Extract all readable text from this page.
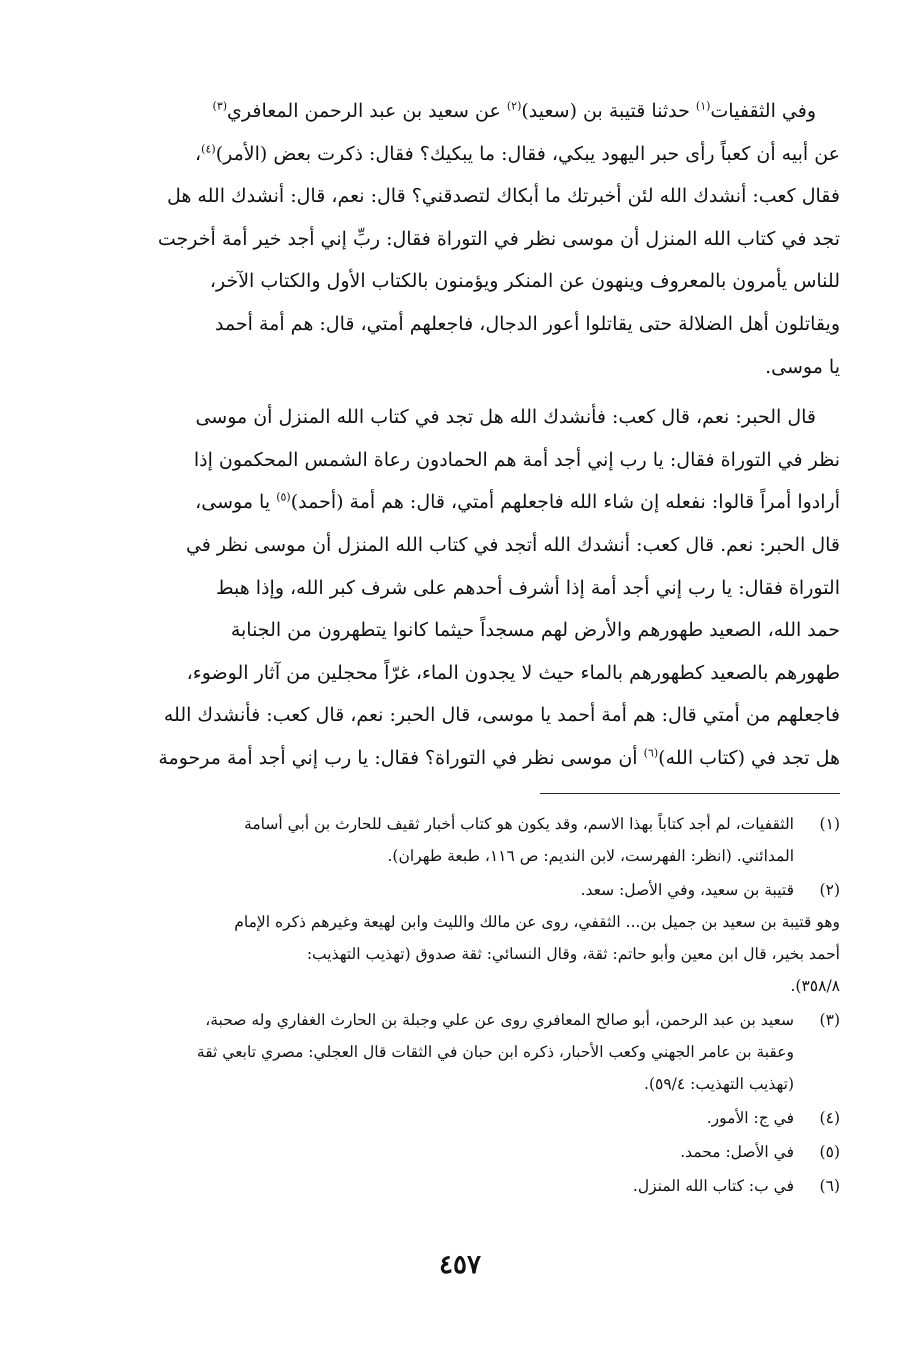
وفي الثقفيات$^{(١)}$ حدثنا قتيبة بن (سعيد)$^{(٢)}$ عن سعيد بن عبد الرحمن المعافري$^{(٣)}$
عن أبيه أن كعباً رأى حبر اليهود يبكي، فقال: ما يبكيك؟ فقال: ذكرت بعض (الأمر)$^{(٤)}$،
فقال كعب: أنشدك الله لئن أخبرتك ما أبكاك لتصدقني؟ قال: نعم، قال: أنشدك الله هل
تجد في كتاب الله المنزل أن موسى نظر في التوراة فقال: ربِّ إني أجد خير أمة أخرجت
للناس يأمرون بالمعروف وينهون عن المنكر ويؤمنون بالكتاب الأول والكتاب الآخر،
ويقاتلون أهل الضلالة حتى يقاتلوا أعور الدجال، فاجعلهم أمتي، قال: هم أمة أحمد
يا موسى.

قال الحبر: نعم، قال كعب: فأنشدك الله هل تجد في كتاب الله المنزل أن موسى
نظر في التوراة فقال: يا رب إني أجد أمة هم الحمادون رعاة الشمس المحكمون إذا
أرادوا أمراً قالوا: نفعله إن شاء الله فاجعلهم أمتي، قال: هم أمة (أحمد)$^{(٥)}$ يا موسى،
قال الحبر: نعم. قال كعب: أنشدك الله أتجد في كتاب الله المنزل أن موسى نظر في
التوراة فقال: يا رب إني أجد أمة إذا أشرف أحدهم على شرف كبر الله، وإذا هبط
حمد الله، الصعيد طهورهم والأرض لهم مسجداً حيثما كانوا يتطهرون من الجنابة
طهورهم بالصعيد كطهورهم بالماء حيث لا يجدون الماء، غرّاً محجلين من آثار الوضوء،
فاجعلهم من أمتي قال: هم أمة أحمد يا موسى، قال الحبر: نعم، قال كعب: فأنشدك الله
هل تجد في (كتاب الله)$^{(٦)}$ أن موسى نظر في التوراة؟ فقال: يا رب إني أجد أمة مرحومة

(١)
الثقفيات، لم أجد كتاباً بهذا الاسم، وقد يكون هو كتاب أخبار ثقيف للحارث بن أبي أسامة
المدائني. (انظر: الفهرست، لابن النديم: ص ١١٦، طبعة طهران).
(٢)
قتيبة بن سعيد، وفي الأصل: سعد.
وهو قتيبة بن سعيد بن جميل بن... الثقفي، روى عن مالك والليث وابن لهيعة وغيرهم ذكره الإمام
أحمد بخير، قال ابن معين وأبو حاتم: ثقة، وقال النسائي: ثقة صدوق (تهذيب التهذيب:
٣٥٨/٨).
(٣)
سعيد بن عبد الرحمن، أبو صالح المعافري روى عن علي وجبلة بن الحارث الغفاري وله صحبة،
وعقبة بن عامر الجهني وكعب الأحبار، ذكره ابن حبان في الثقات قال العجلي: مصري تابعي ثقة
(تهذيب التهذيب: ٥٩/٤).
(٤)
في ج: الأمور.
(٥)
في الأصل: محمد.
(٦)
في ب: كتاب الله المنزل.
٤٥٧
